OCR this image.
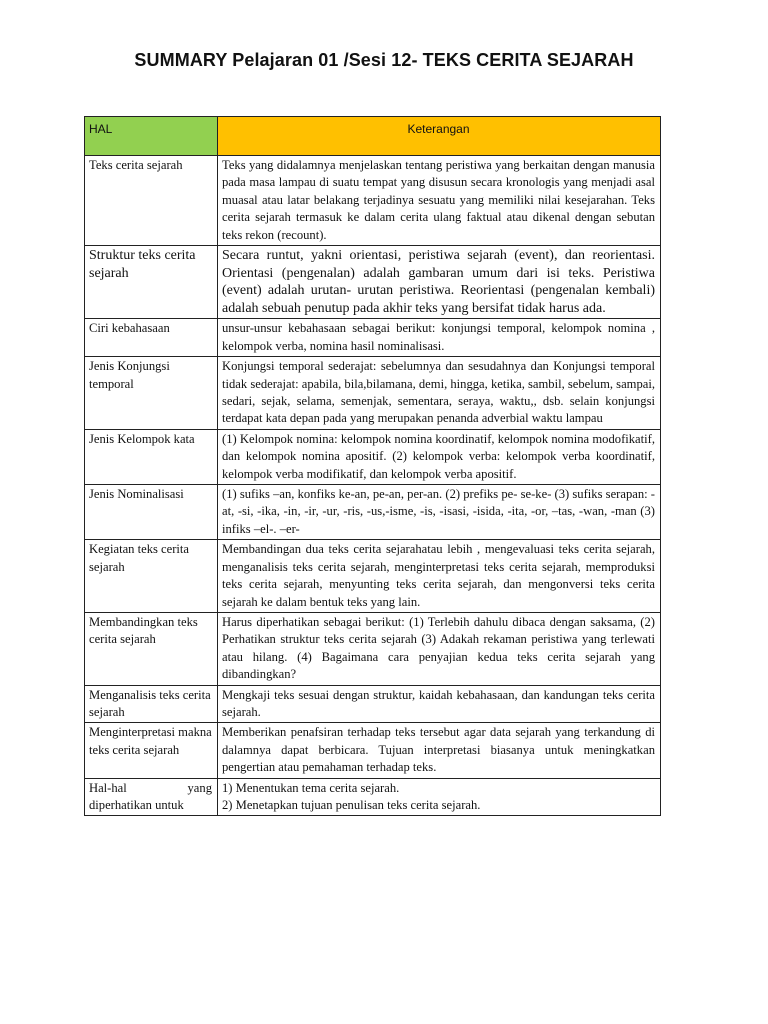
SUMMARY Pelajaran 01 /Sesi 12- TEKS CERITA SEJARAH
HAL	Keterangan
Teks cerita sejarah	Teks yang didalamnya menjelaskan tentang peristiwa yang berkaitan dengan manusia pada masa lampau di suatu tempat yang disusun secara kronologis yang menjadi asal muasal atau latar belakang terjadinya sesuatu yang memiliki nilai kesejarahan. Teks cerita sejarah termasuk ke dalam cerita ulang faktual atau dikenal dengan sebutan teks rekon (recount).
Struktur teks cerita sejarah	Secara runtut, yakni orientasi, peristiwa sejarah (event), dan reorientasi. Orientasi (pengenalan) adalah gambaran umum dari isi teks. Peristiwa (event) adalah urutan- urutan peristiwa. Reorientasi (pengenalan kembali) adalah sebuah penutup pada akhir teks yang bersifat tidak harus ada.
Ciri kebahasaan	unsur-unsur kebahasaan sebagai berikut: konjungsi temporal, kelompok nomina , kelompok verba, nomina hasil nominalisasi.
Jenis Konjungsi temporal	Konjungsi temporal sederajat: sebelumnya dan sesudahnya dan Konjungsi temporal tidak sederajat: apabila, bila,bilamana, demi, hingga, ketika, sambil, sebelum, sampai, sedari, sejak, selama, semenjak, sementara, seraya, waktu,, dsb. selain konjungsi terdapat kata depan pada yang merupakan penanda adverbial waktu lampau
Jenis Kelompok kata	(1) Kelompok nomina: kelompok nomina koordinatif, kelompok nomina modofikatif, dan kelompok nomina apositif. (2) kelompok verba: kelompok verba koordinatif, kelompok verba modifikatif, dan kelompok verba apositif.
Jenis Nominalisasi	(1) sufiks –an, konfiks ke-an, pe-an, per-an. (2) prefiks pe- se-ke- (3) sufiks serapan: -at, -si, -ika, -in, -ir, -ur, -ris, -us,-isme, -is, -isasi, -isida, -ita, -or, –tas, -wan, -man (3) infiks –el-. –er-
Kegiatan teks cerita sejarah	Membandingan dua teks cerita sejarahatau lebih , mengevaluasi teks cerita sejarah, menganalisis teks cerita sejarah, menginterpretasi teks cerita sejarah, memproduksi teks cerita sejarah, menyunting teks cerita sejarah, dan mengonversi teks cerita sejarah ke dalam bentuk teks yang lain.
Membandingkan teks cerita sejarah	Harus diperhatikan sebagai berikut: (1) Terlebih dahulu dibaca dengan saksama, (2) Perhatikan struktur teks cerita sejarah (3) Adakah rekaman peristiwa yang terlewati atau hilang. (4) Bagaimana cara penyajian kedua teks cerita sejarah yang dibandingkan?
Menganalisis teks cerita sejarah	Mengkaji teks sesuai dengan struktur, kaidah kebahasaan, dan kandungan teks cerita sejarah.
Menginterpretasi makna teks cerita sejarah	Memberikan penafsiran terhadap teks tersebut agar data sejarah yang terkandung di dalamnya dapat berbicara. Tujuan interpretasi biasanya untuk meningkatkan pengertian atau pemahaman terhadap teks.
Hal-hal yang diperhatikan untuk	1) Menentukan tema cerita sejarah.
2) Menetapkan tujuan penulisan teks cerita sejarah.
